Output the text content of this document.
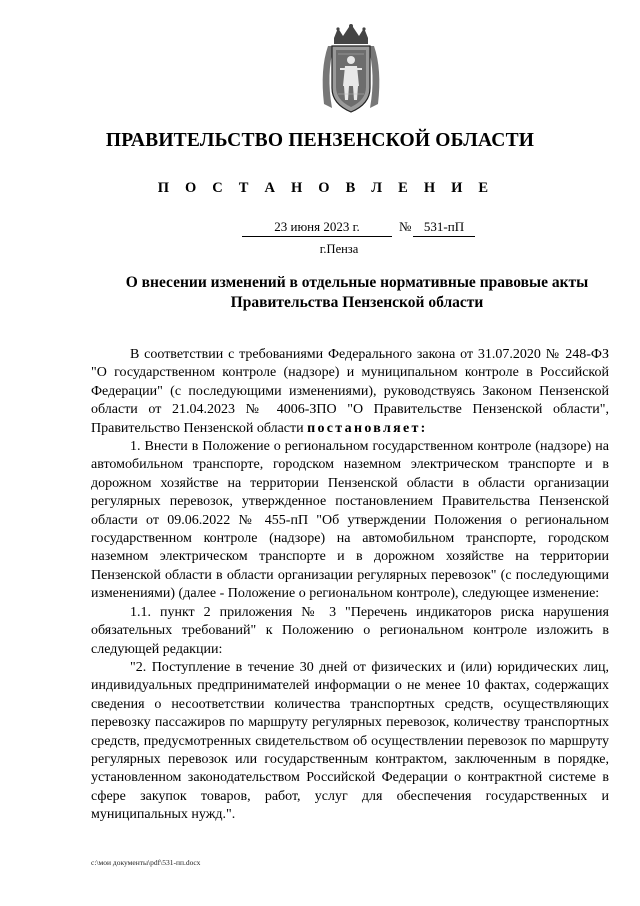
ПРАВИТЕЛЬСТВО ПЕНЗЕНСКОЙ ОБЛАСТИ
П О С Т А Н О В Л Е Н И Е
23 июня 2023 г.	№ 531-пП
г.Пенза
О внесении изменений в отдельные нормативные правовые акты
Правительства Пензенской области

В соответствии с требованиями Федерального закона от 31.07.2020 № 248-ФЗ "О государственном контроле (надзоре) и муниципальном контроле в Российской Федерации" (с последующими изменениями), руководствуясь Законом Пензенской области от 21.04.2023 № 4006-ЗПО "О Правительстве Пензенской области", Правительство Пензенской области постановляет:

1. Внести в Положение о региональном государственном контроле (надзоре) на автомобильном транспорте, городском наземном электрическом транспорте и в дорожном хозяйстве на территории Пензенской области в области организации регулярных перевозок, утвержденное постановлением Правительства Пензенской области от 09.06.2022 № 455-пП "Об утверждении Положения о региональном государственном контроле (надзоре) на автомобильном транспорте, городском наземном электрическом транспорте и в дорожном хозяйстве на территории Пензенской области в области организации регулярных перевозок" (с последующими изменениями) (далее - Положение о региональном контроле), следующее изменение:

1.1. пункт 2 приложения № 3 "Перечень индикаторов риска нарушения обязательных требований" к Положению о региональном контроле изложить в следующей редакции:

"2. Поступление в течение 30 дней от физических и (или) юридических лиц, индивидуальных предпринимателей информации о не менее 10 фактах, содержащих сведения о несоответствии количества транспортных средств, осуществляющих перевозку пассажиров по маршруту регулярных перевозок, количеству транспортных средств, предусмотренных свидетельством об осуществлении перевозок по маршруту регулярных перевозок или государственным контрактом, заключенным в порядке, установленном законодательством Российской Федерации о контрактной системе в сфере закупок товаров, работ, услуг для обеспечения государственных и муниципальных нужд.".

c:\мои документы\pdf\531-пп.docx
